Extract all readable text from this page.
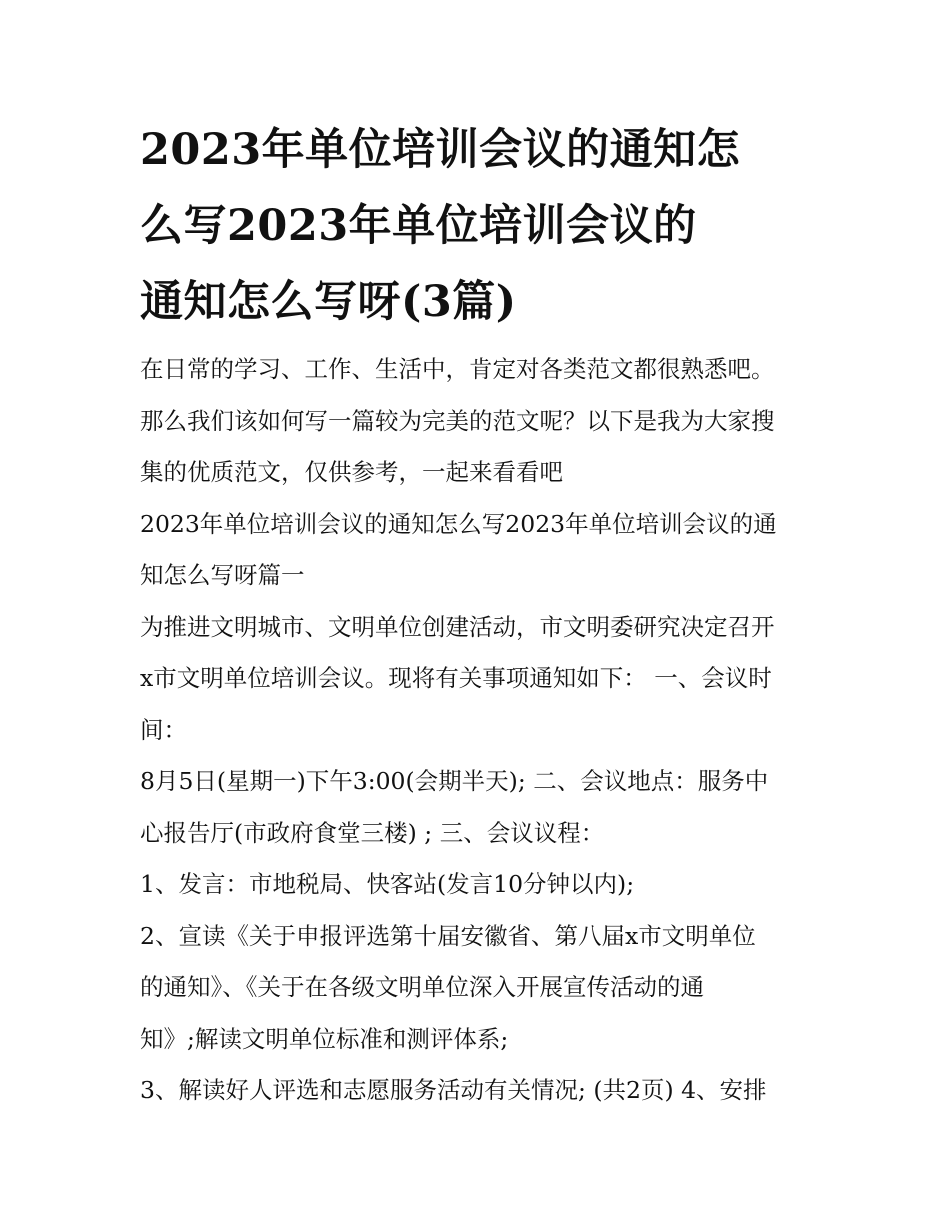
2023年单位培训会议的通知怎
么写2023年单位培训会议的
通知怎么写呀(3篇)

在日常的学习、工作、生活中，肯定对各类范文都很熟悉吧。
那么我们该如何写一篇较为完美的范文呢？以下是我为大家搜
集的优质范文，仅供参考，一起来看看吧

2023年单位培训会议的通知怎么写2023年单位培训会议的通
知怎么写呀篇一

为推进文明城市、文明单位创建活动，市文明委研究决定召开
x市文明单位培训会议。现将有关事项通知如下： 一、会议时
间：

8月5日(星期一)下午3:00(会期半天); 二、会议地点：服务中
心报告厅(市政府食堂三楼) ; 三、会议议程：

1、发言：市地税局、快客站(发言10分钟以内);

2、宣读《关于申报评选第十届安徽省、第八届x市文明单位
的通知》、《关于在各级文明单位深入开展宣传活动的通
知》;解读文明单位标准和测评体系;

3、解读好人评选和志愿服务活动有关情况; (共2页) 4、安排
